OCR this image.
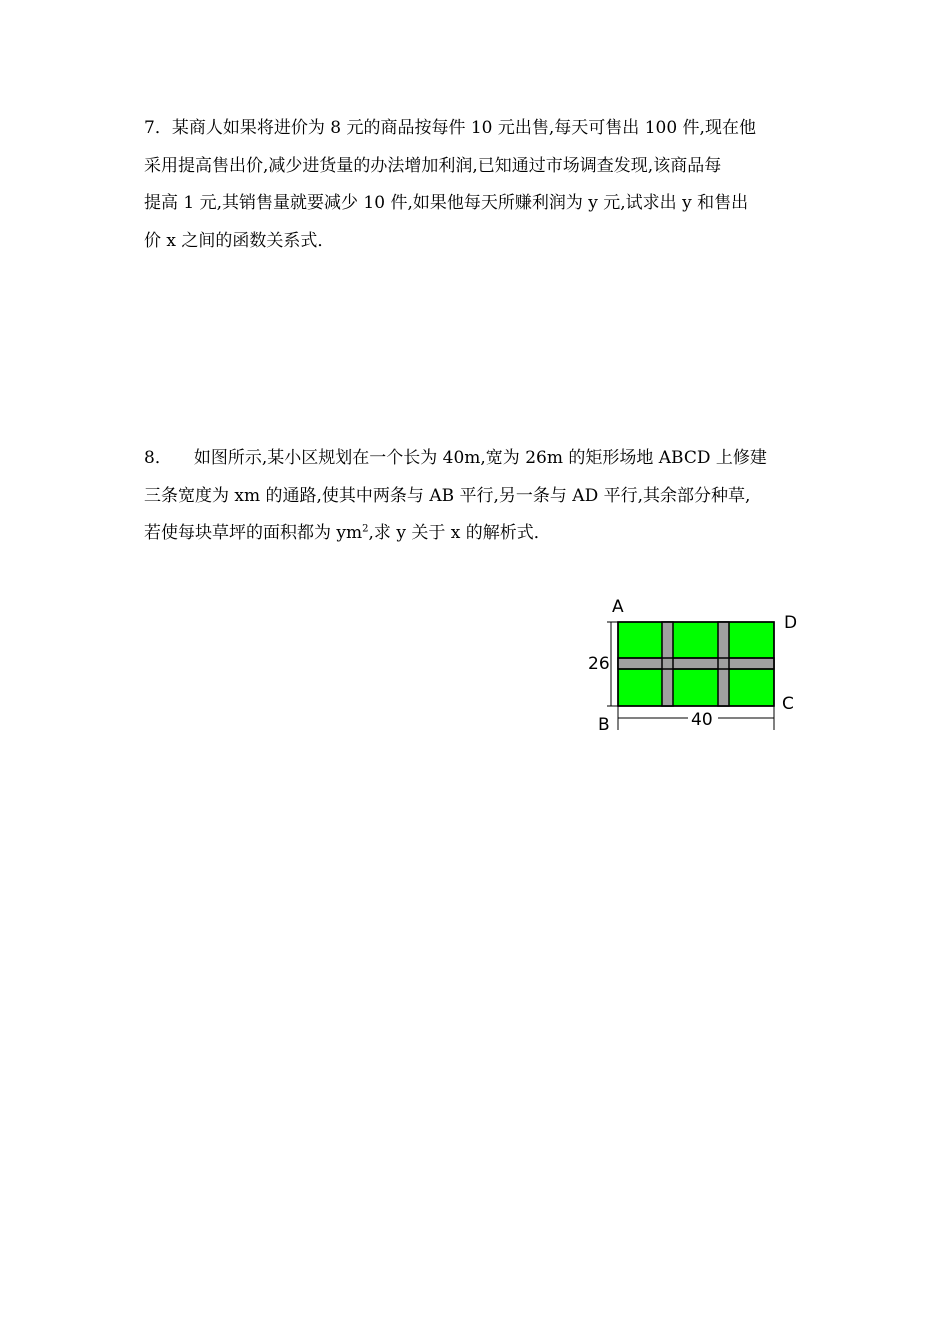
7．某商人如果将进价为 8 元的商品按每件 10 元出售,每天可售出 100 件,现在他
采用提高售出价,减少进货量的办法增加利润,已知通过市场调查发现,该商品每
提高 1 元,其销售量就要减少 10 件,如果他每天所赚利润为 y 元,试求出 y 和售出
价 x 之间的函数关系式．
8． 如图所示,某小区规划在一个长为 40m,宽为 26m 的矩形场地 ABCD 上修建
三条宽度为 xm 的通路,使其中两条与 AB 平行,另一条与 AD 平行,其余部分种草,
若使每块草坪的面积都为 $ym^2$,求 y 关于 x 的解析式．
A
D
C
B
26
40
